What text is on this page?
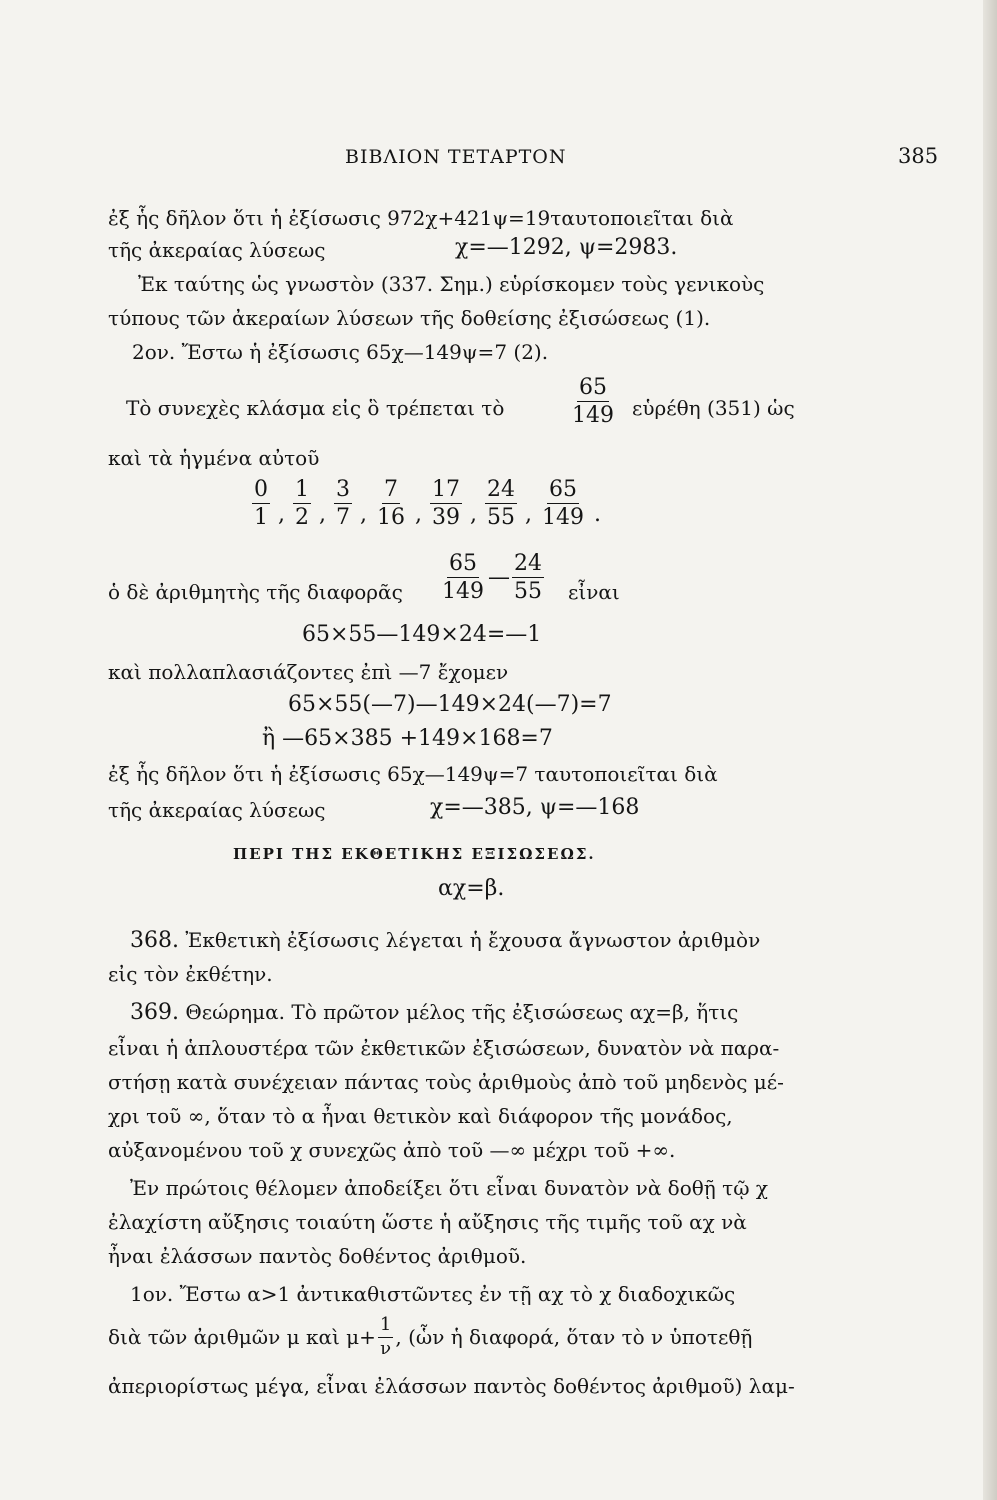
ΒΙΒΛΙΟΝ ΤΕΤΑΡΤΟΝ	385
ἐξ ἧς δῆλον ὅτι ἡ ἐξίσωσις 972χ+421ψ=19ταυτοποιεῖται διὰ
τῆς ἀκεραίας λύσεως	χ=—1292, ψ=2983.
Ἐκ ταύτης ὡς γνωστὸν (337. Σημ.) εὑρίσκομεν τοὺς γενικοὺς
τύπους τῶν ἀκεραίων λύσεων τῆς δοθείσης ἐξισώσεως (1).
2ον. Ἔστω ἡ ἐξίσωσις 65χ—149ψ=7 (2).
Τὸ συνεχὲς κλάσμα εἰς ὃ τρέπεται τὸ	$\frac{65}{149}$ εὑρέθη (351) ὡς
καὶ τὰ ἡγμένα αὐτοῦ
$\frac{0}{1}$ , $\frac{1}{2}$ , $\frac{3}{7}$ , $\frac{7}{16}$ , $\frac{17}{39}$ , $\frac{24}{55}$ , $\frac{65}{149}$ .
ὁ δὲ ἀριθμητὴς τῆς διαφορᾶς $\frac{65}{149}$ — $\frac{24}{55}$ εἶναι
65×55—149×24=—1
καὶ πολλαπλασιάζοντες ἐπὶ —7 ἔχομεν
65×55(—7)—149×24(—7)=7
ἢ —65×385 +149×168=7
ἐξ ἧς δῆλον ὅτι ἡ ἐξίσωσις 65χ—149ψ=7 ταυτοποιεῖται διὰ
τῆς ἀκεραίας λύσεως	χ=—385, ψ=—168
ΠΕΡΙ ΤΗΣ ΕΚΘΕΤΙΚΗΣ ΕΞΙΣΩΣΕΩΣ.
αχ=β.
368. Ἐκθετικὴ ἐξίσωσις λέγεται ἡ ἔχουσα ἄγνωστον ἀριθμὸν
εἰς τὸν ἐκθέτην.
369. Θεώρημα. Τὸ πρῶτον μέλος τῆς ἐξισώσεως αχ=β, ἥτις
εἶναι ἡ ἁπλουστέρα τῶν ἐκθετικῶν ἐξισώσεων, δυνατὸν νὰ παρα-
στήσῃ κατὰ συνέχειαν πάντας τοὺς ἀριθμοὺς ἀπὸ τοῦ μηδενὸς μέ-
χρι τοῦ ∞, ὅταν τὸ α ἦναι θετικὸν καὶ διάφορον τῆς μονάδος,
αὐξανομένου τοῦ χ συνεχῶς ἀπὸ τοῦ —∞ μέχρι τοῦ +∞.
Ἐν πρώτοις θέλομεν ἀποδείξει ὅτι εἶναι δυνατὸν νὰ δοθῇ τῷ χ
ἐλαχίστη αὔξησις τοιαύτη ὥστε ἡ αὔξησις τῆς τιμῆς τοῦ αχ νὰ
ἦναι ἐλάσσων παντὸς δοθέντος ἀριθμοῦ.
1ον. Ἔστω α>1 ἀντικαθιστῶντες ἐν τῇ αχ τὸ χ διαδοχικῶς
διὰ τῶν ἀριθμῶν μ καὶ $\mu+ \frac{1}{\nu}$ , (ὧν ἡ διαφορά, ὅταν τὸ ν ὑποτεθῇ
ἀπεριορίστως μέγα, εἶναι ἐλάσσων παντὸς δοθέντος ἀριθμοῦ) λαμ-
